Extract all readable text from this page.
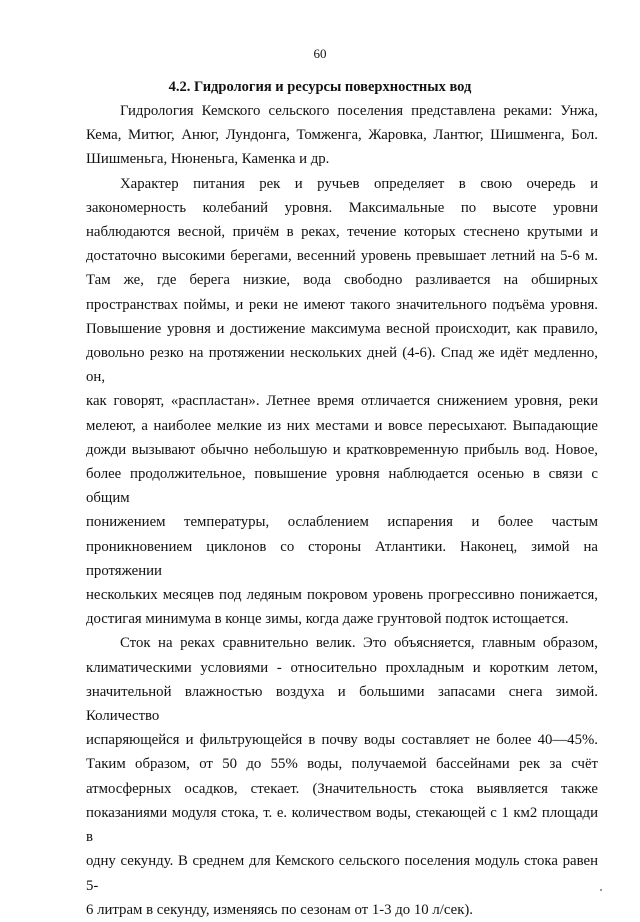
60
4.2. Гидрология и ресурсы поверхностных вод

Гидрология Кемского сельского поселения представлена реками: Унжа,
Кема, Митюг, Анюг, Лундонга, Томженга, Жаровка, Лантюг, Шишменга, Бол.
Шишменьга, Нюненьга, Каменка и др.

Характер питания рек и ручьев определяет в свою очередь и
закономерность колебаний уровня. Максимальные по высоте уровни
наблюдаются весной, причём в реках, течение которых стеснено крутыми и
достаточно высокими берегами, весенний уровень превышает летний на 5-6 м.
Там же, где берега низкие, вода свободно разливается на обширных
пространствах поймы, и реки не имеют такого значительного подъёма уровня.
Повышение уровня и достижение максимума весной происходит, как правило,
довольно резко на протяжении нескольких дней (4-6). Спад же идёт медленно, он,
как говорят, «распластан». Летнее время отличается снижением уровня, реки
мелеют, а наиболее мелкие из них местами и вовсе пересыхают. Выпадающие
дожди вызывают обычно небольшую и кратковременную прибыль вод. Новое,
более продолжительное, повышение уровня наблюдается осенью в связи с общим
понижением температуры, ослаблением испарения и более частым
проникновением циклонов со стороны Атлантики. Наконец, зимой на протяжении
нескольких месяцев под ледяным покровом уровень прогрессивно понижается,
достигая минимума в конце зимы, когда даже грунтовой подток истощается.

Сток на реках сравнительно велик. Это объясняется, главным образом,
климатическими условиями - относительно прохладным и коротким летом,
значительной влажностью воздуха и большими запасами снега зимой. Количество
испаряющейся и фильтрующейся в почву воды составляет не более 40—45%.
Таким образом, от 50 до 55% воды, получаемой бассейнами рек за счёт
атмосферных осадков, стекает. (Значительность стока выявляется также
показаниями модуля стока, т. е. количеством воды, стекающей с 1 км2 площади в
одну секунду. В среднем для Кемского сельского поселения модуль стока равен 5-
6 литрам в секунду, изменяясь по сезонам от 1-3 до 10 л/сек).
